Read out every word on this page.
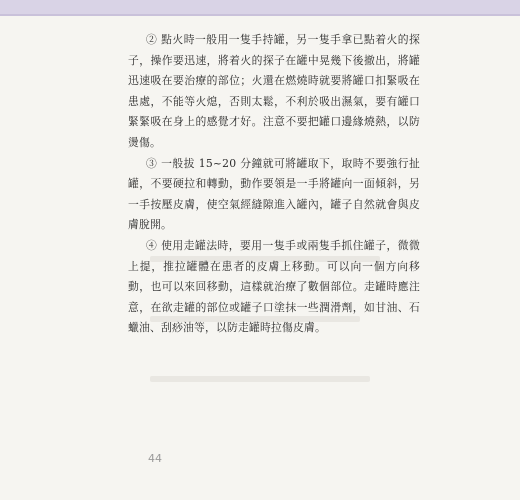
② 點火時一般用一隻手持罐，另一隻手拿已點着火的探子，操作要迅速，將着火的探子在罐中晃幾下後撤出，將罐迅速吸在要治療的部位；火還在燃燒時就要將罐口扣緊吸在患處，不能等火熄，否則太鬆，不利於吸出濕氣，要有罐口緊緊吸在身上的感覺才好。注意不要把罐口邊緣燒熱，以防燙傷。

③ 一般拔 15~20 分鐘就可將罐取下，取時不要強行扯罐，不要硬拉和轉動，動作要領是一手將罐向一面傾斜，另一手按壓皮膚，使空氣經縫隙進入罐內，罐子自然就會與皮膚脫開。

④ 使用走罐法時，要用一隻手或兩隻手抓住罐子，微微上提，推拉罐體在患者的皮膚上移動。可以向一個方向移動，也可以來回移動，這樣就治療了數個部位。走罐時應注意，在欲走罐的部位或罐子口塗抹一些潤滑劑，如甘油、石蠟油、刮痧油等，以防走罐時拉傷皮膚。

44
